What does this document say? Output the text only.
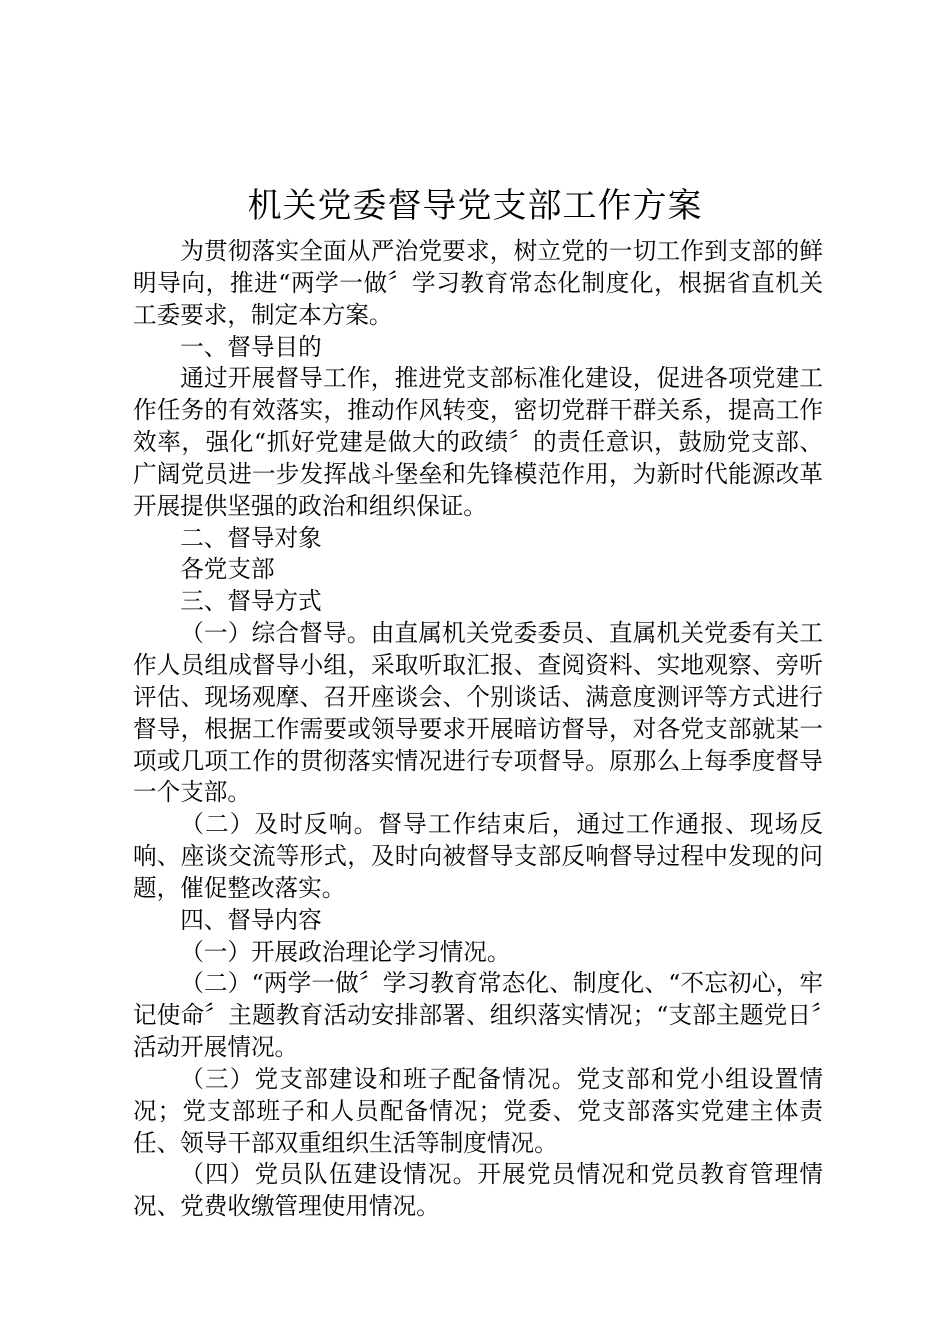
机关党委督导党支部工作方案

为贯彻落实全面从严治党要求，树立党的一切工作到支部的鲜明导向，推进“两学一做〞学习教育常态化制度化，根据省直机关工委要求，制定本方案。

一、督导目的

通过开展督导工作，推进党支部标准化建设，促进各项党建工作任务的有效落实，推动作风转变，密切党群干群关系，提高工作效率，强化“抓好党建是做大的政绩〞的责任意识，鼓励党支部、广阔党员进一步发挥战斗堡垒和先锋模范作用，为新时代能源改革开展提供坚强的政治和组织保证。

二、督导对象

各党支部

三、督导方式

（一）综合督导。由直属机关党委委员、直属机关党委有关工作人员组成督导小组，采取听取汇报、查阅资料、实地观察、旁听评估、现场观摩、召开座谈会、个别谈话、满意度测评等方式进行督导，根据工作需要或领导要求开展暗访督导，对各党支部就某一项或几项工作的贯彻落实情况进行专项督导。原那么上每季度督导一个支部。

（二）及时反响。督导工作结束后，通过工作通报、现场反响、座谈交流等形式，及时向被督导支部反响督导过程中发现的问题，催促整改落实。

四、督导内容

（一）开展政治理论学习情况。

（二）“两学一做〞学习教育常态化、制度化、“不忘初心，牢记使命〞主题教育活动安排部署、组织落实情况；“支部主题党日〞活动开展情况。

（三）党支部建设和班子配备情况。党支部和党小组设置情况；党支部班子和人员配备情况；党委、党支部落实党建主体责任、领导干部双重组织生活等制度情况。

（四）党员队伍建设情况。开展党员情况和党员教育管理情况、党费收缴管理使用情况。
